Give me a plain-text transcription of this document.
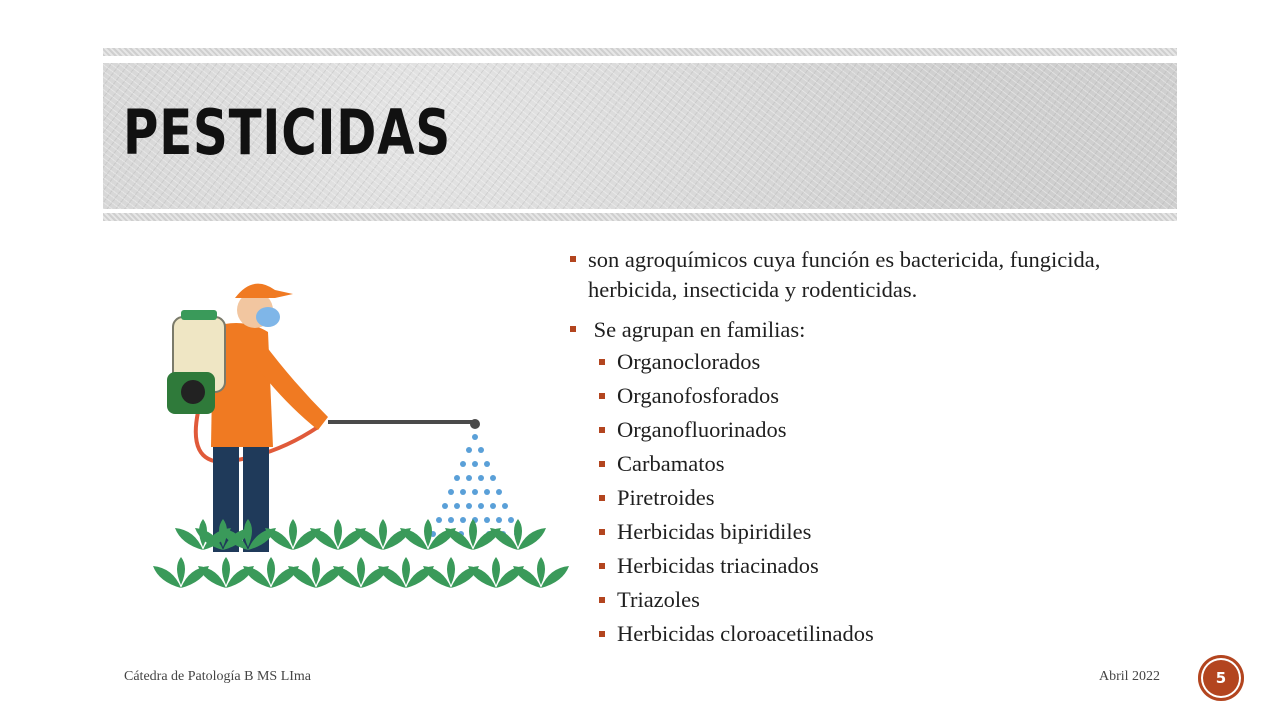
PESTICIDAS
son agroquímicos cuya función es bactericida, fungicida, herbicida, insecticida y rodenticidas.
Se agrupan en familias:
Organoclorados
Organofosforados
Organofluorinados
Carbamatos
Piretroides
Herbicidas bipiridiles
Herbicidas triacinados
Triazoles
Herbicidas cloroacetilinados
Cátedra de Patología B MS LIma	Abril 2022	5
